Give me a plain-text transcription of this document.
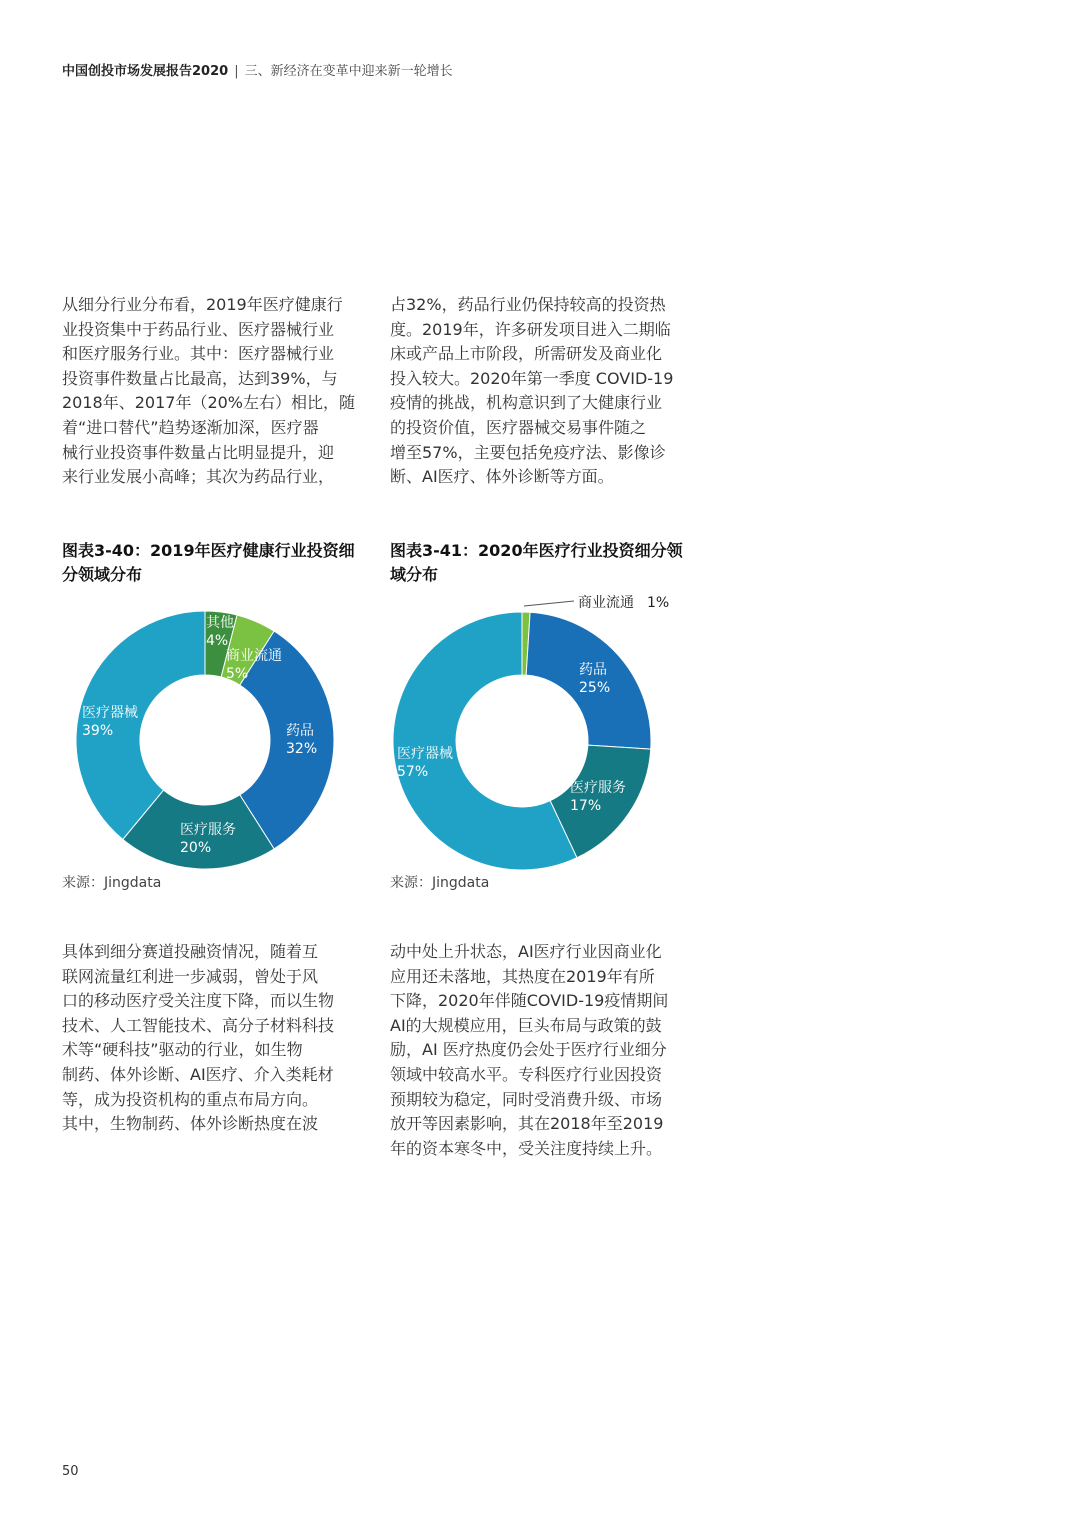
中国创投市场发展报告2020 | 三、新经济在变革中迎来新一轮增长
从细分行业分布看，2019年医疗健康行
业投资集中于药品行业、医疗器械行业
和医疗服务行业。其中：医疗器械行业
投资事件数量占比最高，达到39%，与
2018年、2017年（20%左右）相比，随
着“进口替代”趋势逐渐加深，医疗器
械行业投资事件数量占比明显提升，迎
来行业发展小高峰；其次为药品行业，
占32%，药品行业仍保持较高的投资热
度。2019年，许多研发项目进入二期临
床或产品上市阶段，所需研发及商业化
投入较大。2020年第一季度 COVID-19
疫情的挑战，机构意识到了大健康行业
的投资价值，医疗器械交易事件随之
增至57%，主要包括免疫疗法、影像诊
断、AI医疗、体外诊断等方面。
图表3-40：2019年医疗健康行业投资细
分领域分布
图表3-41：2020年医疗行业投资细分领
域分布
其他
4%
商业流通
5%
药品
32%
医疗服务
20%
医疗器械
39%
商业流通 1%
药品
25%
医疗服务
17%
医疗器械
57%
来源：Jingdata	来源：Jingdata
具体到细分赛道投融资情况，随着互
联网流量红利进一步减弱，曾处于风
口的移动医疗受关注度下降，而以生物
技术、人工智能技术、高分子材料科技
术等“硬科技”驱动的行业，如生物
制药、体外诊断、AI医疗、介入类耗材
等，成为投资机构的重点布局方向。
其中，生物制药、体外诊断热度在波
动中处上升状态，AI医疗行业因商业化
应用还未落地，其热度在2019年有所
下降，2020年伴随COVID-19疫情期间
AI的大规模应用，巨头布局与政策的鼓
励，AI 医疗热度仍会处于医疗行业细分
领域中较高水平。专科医疗行业因投资
预期较为稳定，同时受消费升级、市场
放开等因素影响，其在2018年至2019
年的资本寒冬中，受关注度持续上升。
50
